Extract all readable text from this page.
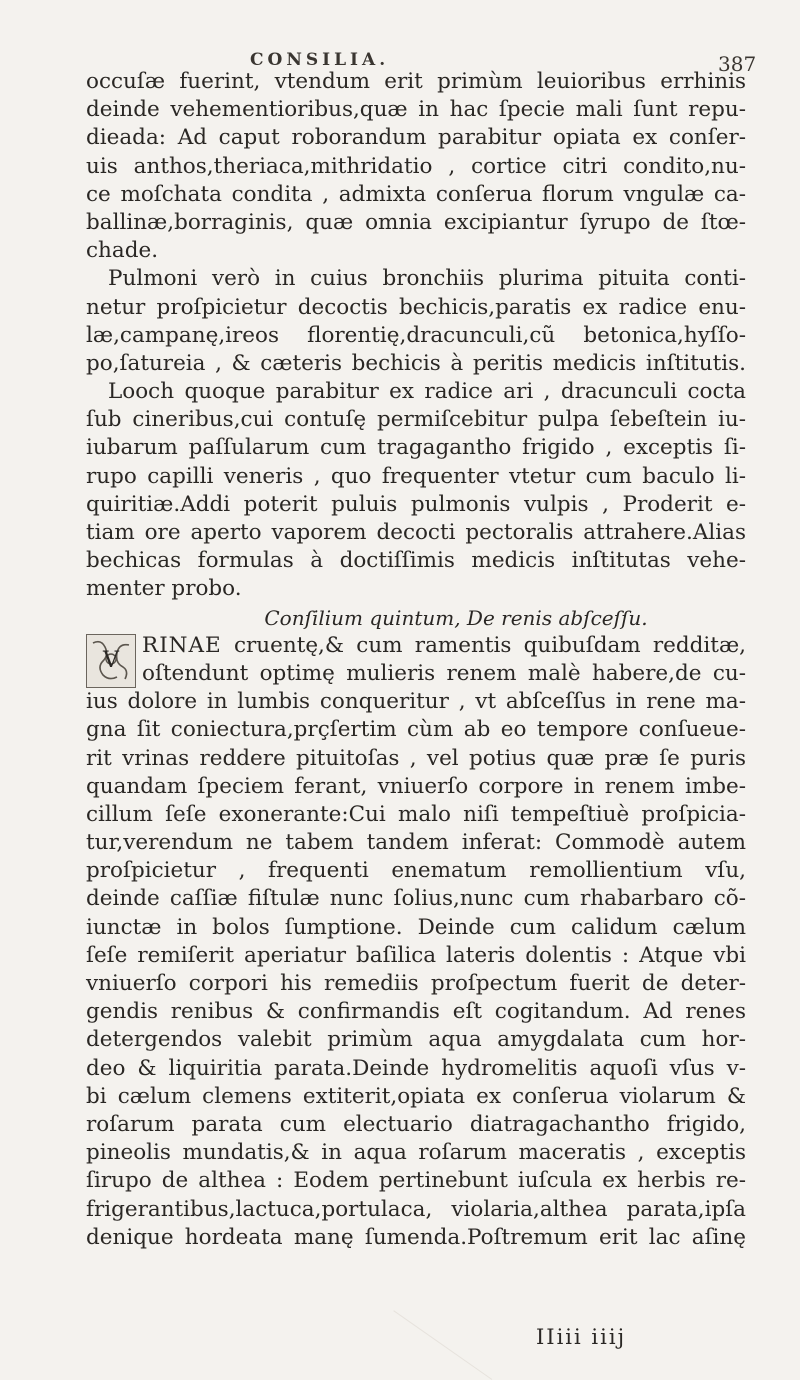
CONSILIA.	387
occuſæ fuerint, vtendum erit primùm leuioribus errhinis
deinde vehementioribus,quæ in hac ſpecie mali ſunt repu-
dieada: Ad caput roborandum parabitur opiata ex conſer-
uis anthos,theriaca,mithridatio , cortice citri condito,nu-
ce moſchata condita , admixta conſerua florum vngulæ ca-
ballinæ,borraginis, quæ omnia excipiantur ſyrupo de ſtœ-
chade.
Pulmoni verò in cuius bronchiis plurima pituita conti-
netur proſpicietur decoctis bechicis,paratis ex radice enu-
læ,campanę,ireos florentię,dracunculi,cũ betonica,hyſſo-
po,ſatureia , & cæteris bechicis à peritis medicis inſtitutis.
Looch quoque parabitur ex radice ari , dracunculi cocta
ſub cineribus,cui contuſę permiſcebitur pulpa ſebeſtein iu-
iubarum paſſularum cum tragagantho frigido , exceptis ſi-
rupo capilli veneris , quo frequenter vtetur cum baculo li-
quiritiæ.Addi poterit puluis pulmonis vulpis , Proderit e-
tiam ore aperto vaporem decocti pectoralis attrahere.Alias
bechicas formulas à doctiſſimis medicis inſtitutas vehe-
menter probo.
Conſilium quintum, De renis abſceſſu.
V
RINAE cruentę,& cum ramentis quibuſdam redditæ,
oſtendunt optimę mulieris renem malè habere,de cu-
ius dolore in lumbis conqueritur , vt abſceſſus in rene ma-
gna ſit coniectura,prçſertim cùm ab eo tempore conſueue-
rit vrinas reddere pituitoſas , vel potius quæ præ ſe puris
quandam ſpeciem ferant, vniuerſo corpore in renem imbe-
cillum ſeſe exonerante:Cui malo niſi tempeſtiuè proſpicia-
tur,verendum ne tabem tandem inferat: Commodè autem
proſpicietur , frequenti enematum remollientium vſu,
deinde caſſiæ fiſtulæ nunc ſolius,nunc cum rhabarbaro cõ-
iunctæ in bolos ſumptione. Deinde cum calidum cælum
ſeſe remiſerit aperiatur baſilica lateris dolentis : Atque vbi
vniuerſo corpori his remediis proſpectum fuerit de deter-
gendis renibus & confirmandis eſt cogitandum. Ad renes
detergendos valebit primùm aqua amygdalata cum hor-
deo & liquiritia parata.Deinde hydromelitis aquoſi vſus v-
bi cælum clemens extiterit,opiata ex conſerua violarum &
roſarum parata cum electuario diatragachantho frigido,
pineolis mundatis,& in aqua roſarum maceratis , exceptis
ſirupo de althea : Eodem pertinebunt iuſcula ex herbis re-
frigerantibus,lactuca,portulaca, violaria,althea parata,ipſa
denique hordeata manę ſumenda.Poſtremum erit lac aſinę
IIiii iiij
